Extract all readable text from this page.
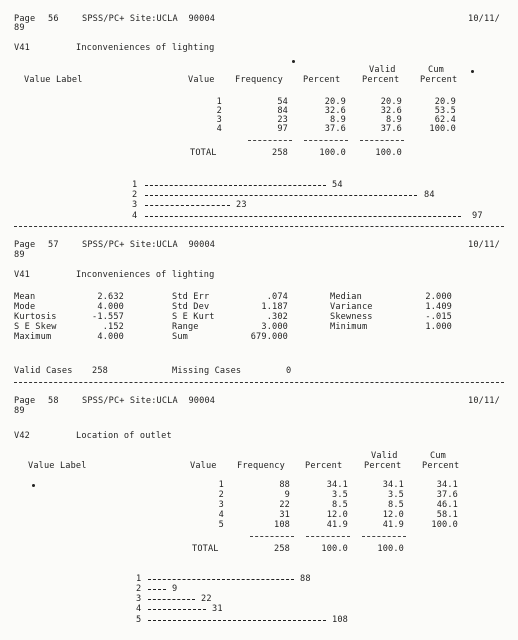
Page 56	SPSS/PC+ Site:UCLA  90004	10/11/
89
V41	Inconveniences of lighting
Value Label	Value Frequency Percent
Valid
Percent
Cum
Percent
1	54	20.9	20.9	20.9
2	84	32.6	32.6	53.5
3	23	8.9	8.9	62.4
4	97	37.6	37.6	100.0
TOTAL	258	100.0	100.0
1	54
2	84
3	23
4	97
Page 57	SPSS/PC+ Site:UCLA  90004	10/11/
89
V41	Inconveniences of lighting
Mean	2.632	Std Err	.074	Median	2.000
Mode	4.000	Std Dev	1.187	Variance	1.409
Kurtosis	-1.557	S E Kurt	.302	Skewness	-.015
S E Skew	.152	Range	3.000	Minimum	1.000
Maximum	4.000	Sum	679.000
Valid Cases 258	Missing Cases	0
Page 58	SPSS/PC+ Site:UCLA  90004	10/11/
89
V42	Location of outlet
Value Label	Value Frequency Percent
Valid
Percent
Cum
Percent
1	88	34.1	34.1	34.1
2	9	3.5	3.5	37.6
3	22	8.5	8.5	46.1
4	31	12.0	12.0	58.1
5	108	41.9	41.9	100.0
TOTAL	258	100.0	100.0
1	88
2	9
3	22
4	31
5	108
